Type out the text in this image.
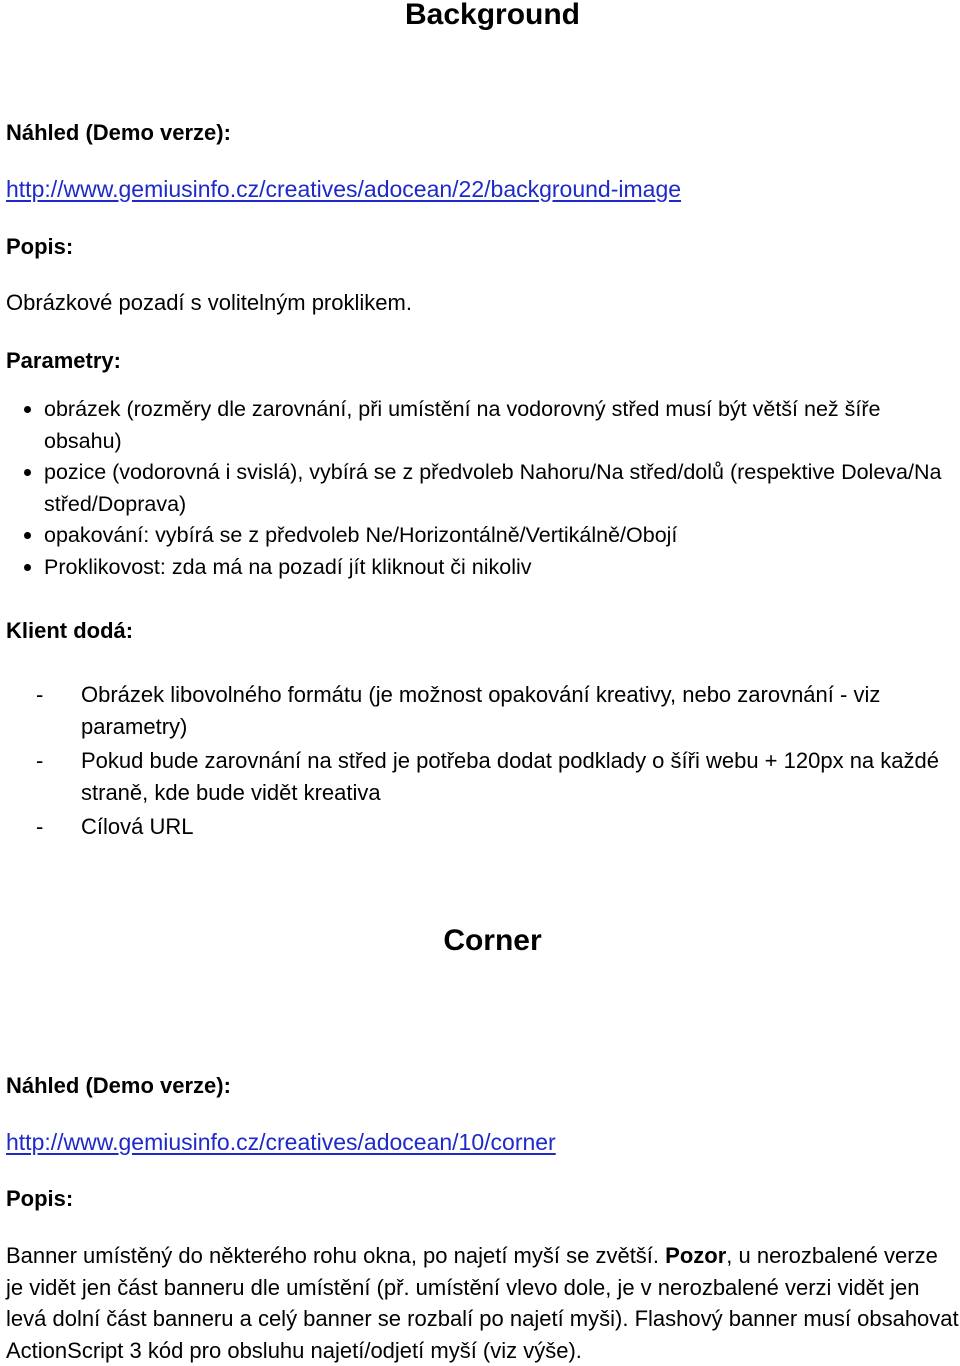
Background
Náhled (Demo verze):
http://www.gemiusinfo.cz/creatives/adocean/22/background-image
Popis:
Obrázkové pozadí s volitelným proklikem.
Parametry:
obrázek (rozměry dle zarovnání, při umístění na vodorovný střed musí být větší než šíře obsahu)
pozice (vodorovná i svislá), vybírá se z předvoleb Nahoru/Na střed/dolů (respektive Doleva/Na střed/Doprava)
opakování: vybírá se z předvoleb Ne/Horizontálně/Vertikálně/Obojí
Proklikovost: zda má na pozadí jít kliknout či nikoliv
Klient dodá:
- Obrázek libovolného formátu (je možnost opakování kreativy, nebo zarovnání - viz parametry)
- Pokud bude zarovnání na střed je potřeba dodat podklady o šíři webu + 120px na každé straně, kde bude vidět kreativa
- Cílová URL
Corner
Náhled (Demo verze):
http://www.gemiusinfo.cz/creatives/adocean/10/corner
Popis:
Banner umístěný do některého rohu okna, po najetí myší se zvětší. Pozor, u nerozbalené verze je vidět jen část banneru dle umístění (př. umístění vlevo dole, je v nerozbalené verzi vidět jen levá dolní část banneru a celý banner se rozbalí po najetí myši). Flashový banner musí obsahovat ActionScript 3 kód pro obsluhu najetí/odjetí myší (viz výše).
